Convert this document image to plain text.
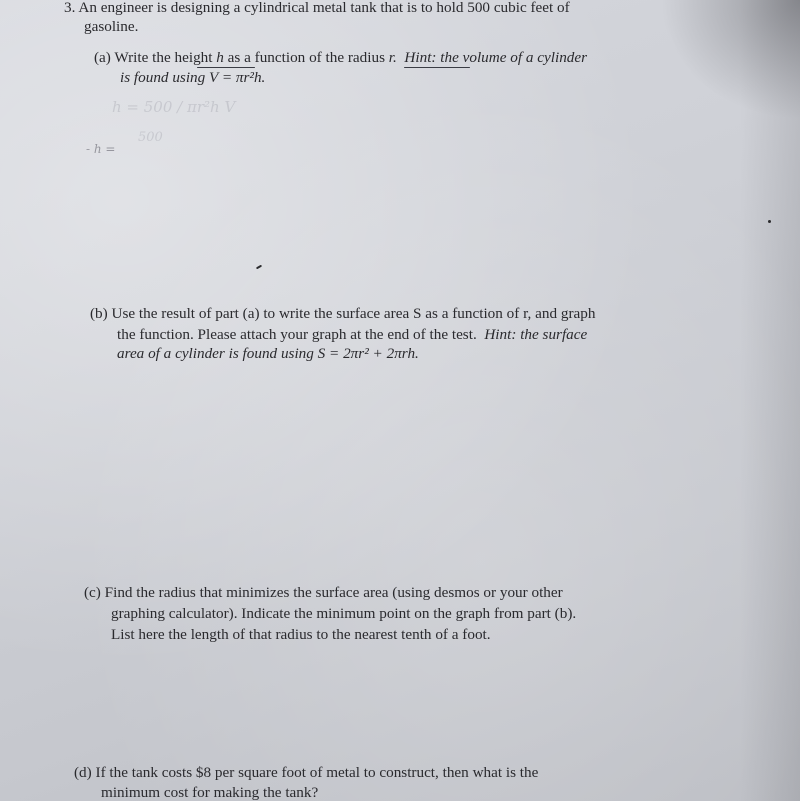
3. An engineer is designing a cylindrical metal tank that is to hold 500 cubic feet of
gasoline.
(a) Write the height h as a function of the radius r. Hint: the volume of a cylinder
is found using V = πr²h.
h = 500 / πr²h V
500
- h =
(b) Use the result of part (a) to write the surface area S as a function of r, and graph
the function. Please attach your graph at the end of the test. Hint: the surface
area of a cylinder is found using S = 2πr² + 2πrh.
(c) Find the radius that minimizes the surface area (using desmos or your other
graphing calculator). Indicate the minimum point on the graph from part (b).
List here the length of that radius to the nearest tenth of a foot.
(d) If the tank costs $8 per square foot of metal to construct, then what is the
minimum cost for making the tank?
